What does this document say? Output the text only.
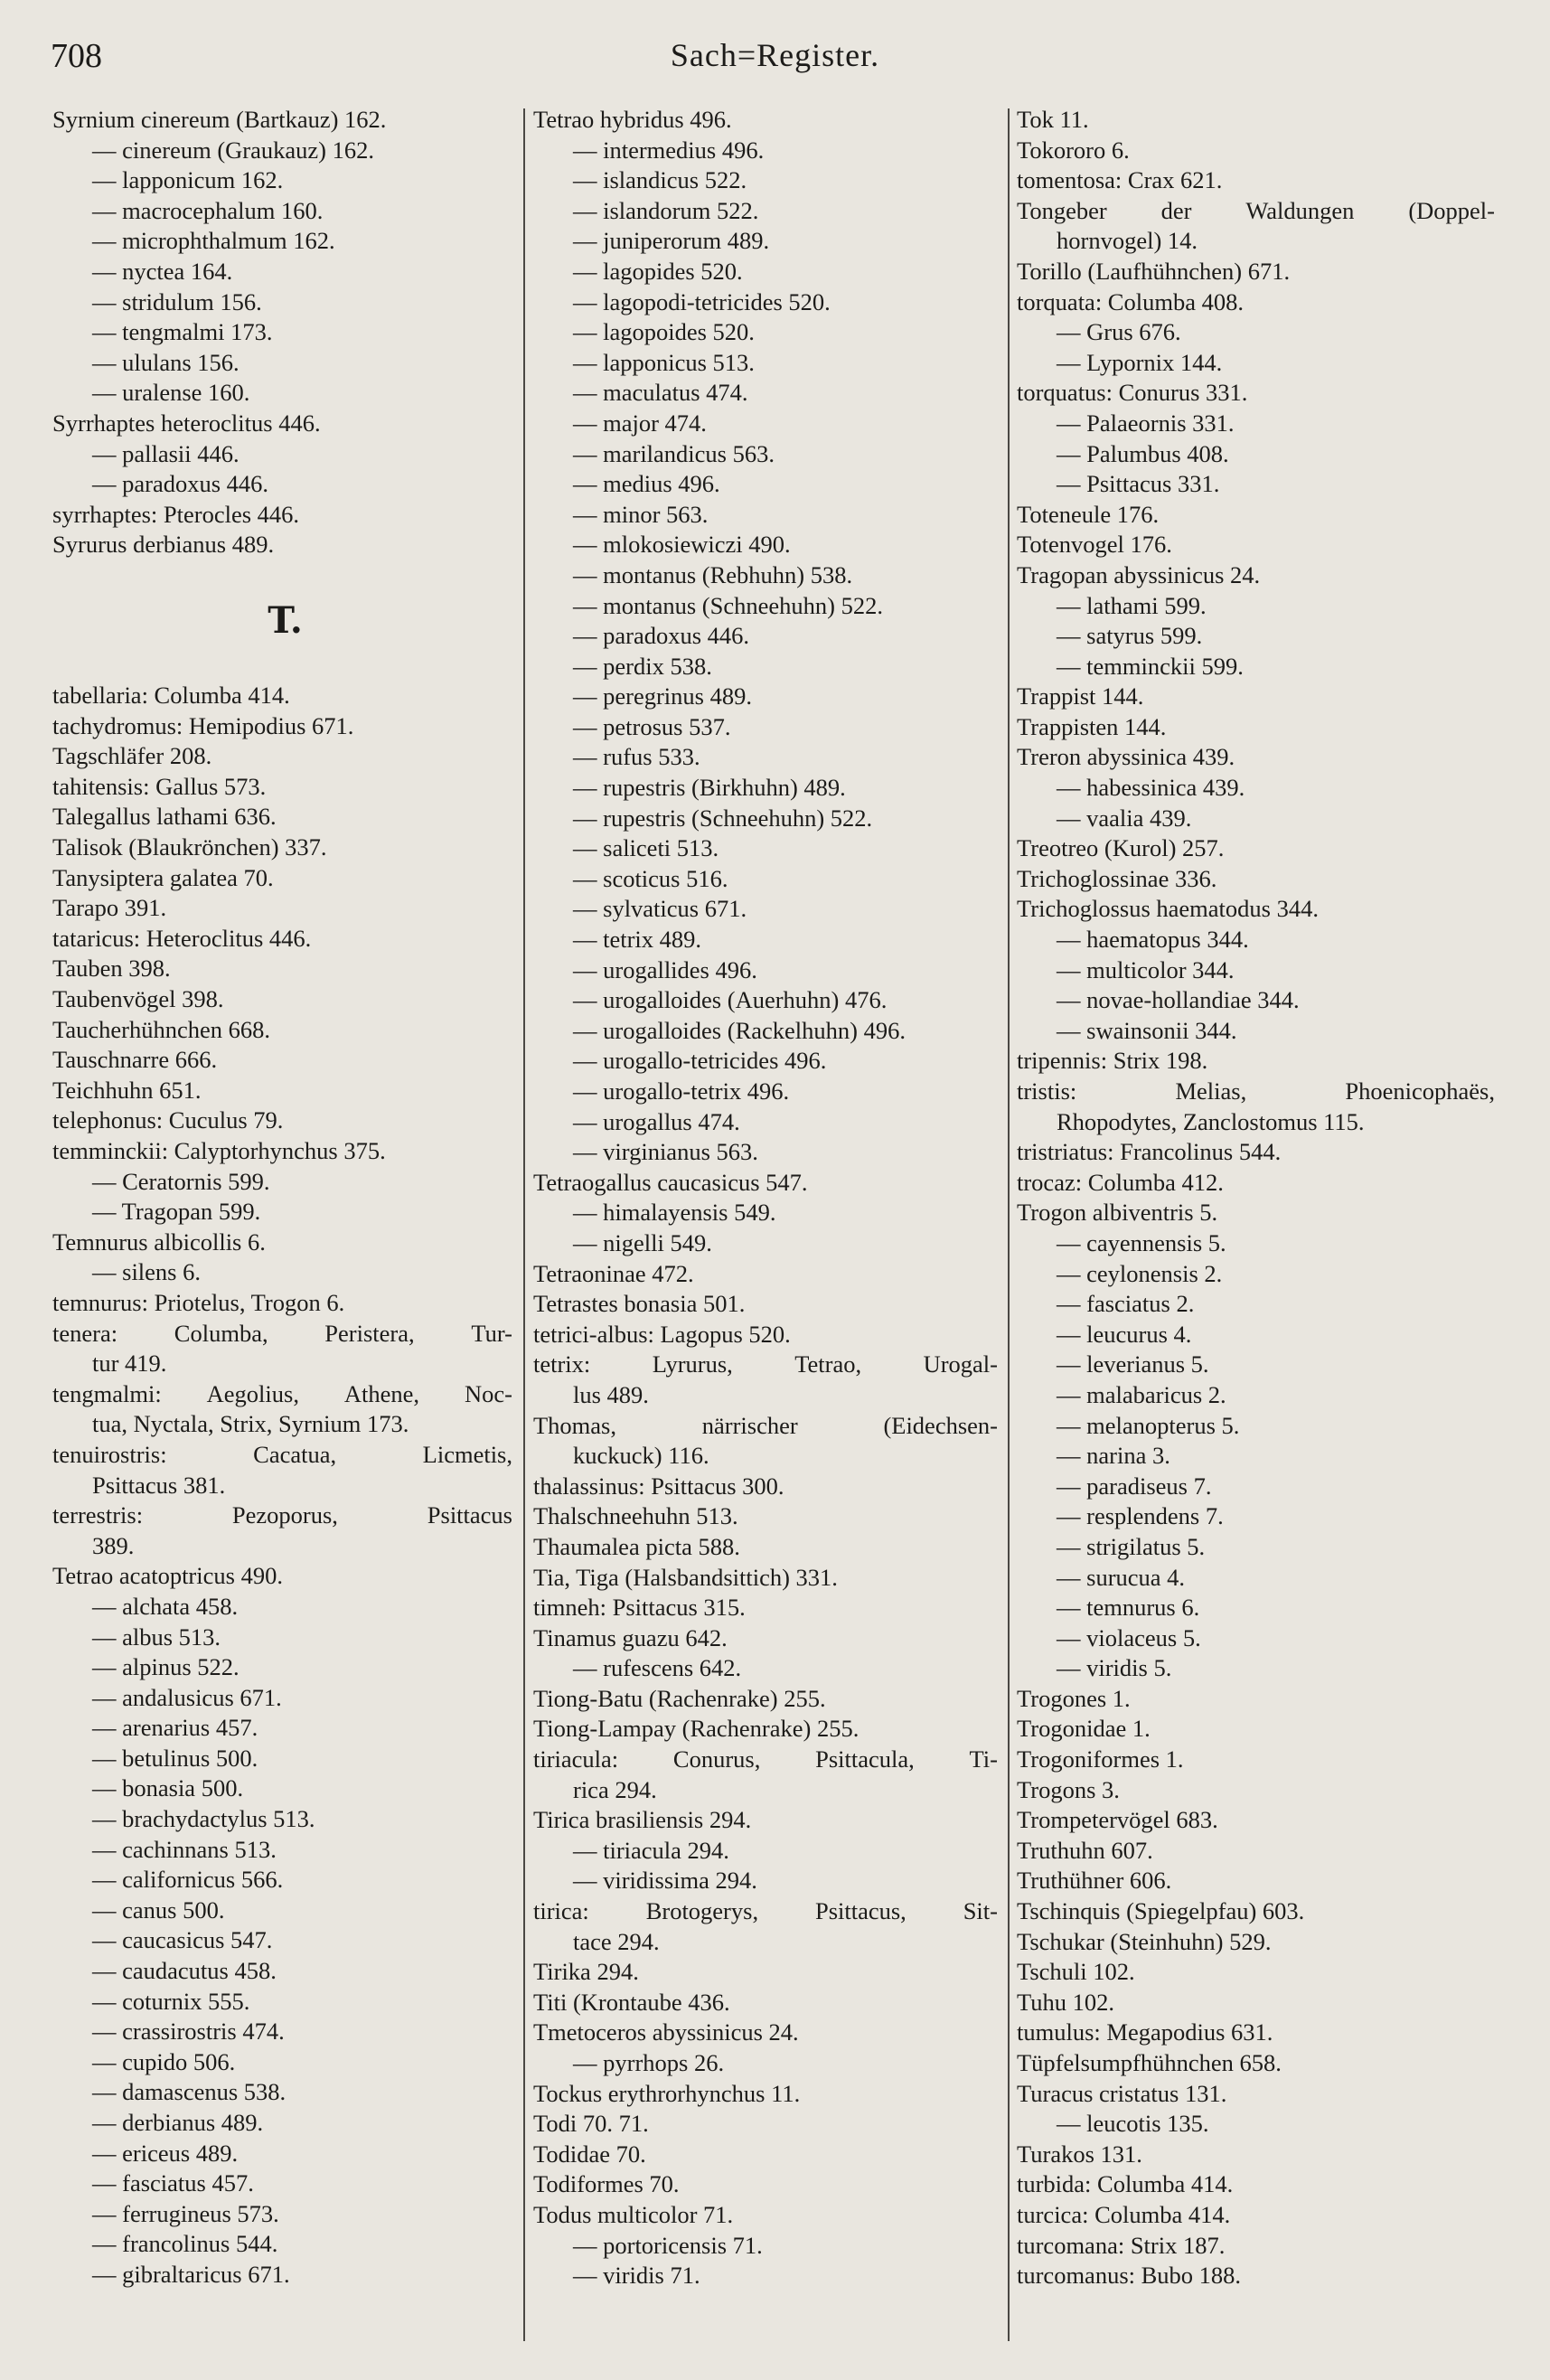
708	Sach=Register.
Syrnium cinereum (Bartkauz) 162.
— cinereum (Graukauz) 162.
— lapponicum 162.
— macrocephalum 160.
— microphthalmum 162.
— nyctea 164.
— stridulum 156.
— tengmalmi 173.
— ululans 156.
— uralense 160.
Syrrhaptes heteroclitus 446.
— pallasii 446.
— paradoxus 446.
syrrhaptes: Pterocles 446.
Syrurus derbianus 489.
T.
tabellaria: Columba 414.
tachydromus: Hemipodius 671.
Tagschläfer 208.
tahitensis: Gallus 573.
Talegallus lathami 636.
Talisok (Blaukrönchen) 337.
Tanysiptera galatea 70.
Tarapo 391.
tataricus: Heteroclitus 446.
Tauben 398.
Taubenvögel 398.
Taucherhühnchen 668.
Tauschnarre 666.
Teichhuhn 651.
telephonus: Cuculus 79.
temminckii: Calyptorhynchus 375.
— Ceratornis 599.
— Tragopan 599.
Temnurus albicollis 6.
— silens 6.
temnurus: Priotelus, Trogon 6.
tenera: Columba, Peristera, Tur-
tur 419.
tengmalmi: Aegolius, Athene, Noc-
tua, Nyctala, Strix, Syrnium 173.
tenuirostris:	Cacatua,	Licmetis,
Psittacus 381.
terrestris:	Pezoporus,	Psittacus
389.
Tetrao acatoptricus 490.
— alchata 458.
— albus 513.
— alpinus 522.
— andalusicus 671.
— arenarius 457.
— betulinus 500.
— bonasia 500.
— brachydactylus 513.
— cachinnans 513.
— californicus 566.
— canus 500.
— caucasicus 547.
— caudacutus 458.
— coturnix 555.
— crassirostris 474.
— cupido 506.
— damascenus 538.
— derbianus 489.
— ericeus 489.
— fasciatus 457.
— ferrugineus 573.
— francolinus 544.
— gibraltaricus 671.
Tetrao hybridus 496.
— intermedius 496.
— islandicus 522.
— islandorum 522.
— juniperorum 489.
— lagopides 520.
— lagopodi-tetricides 520.
— lagopoides 520.
— lapponicus 513.
— maculatus 474.
— major 474.
— marilandicus 563.
— medius 496.
— minor 563.
— mlokosiewiczi 490.
— montanus (Rebhuhn) 538.
— montanus (Schneehuhn) 522.
— paradoxus 446.
— perdix 538.
— peregrinus 489.
— petrosus 537.
— rufus 533.
— rupestris (Birkhuhn) 489.
— rupestris (Schneehuhn) 522.
— saliceti 513.
— scoticus 516.
— sylvaticus 671.
— tetrix 489.
— urogallides 496.
— urogalloides (Auerhuhn) 476.
— urogalloides (Rackelhuhn) 496.
— urogallo-tetricides 496.
— urogallo-tetrix 496.
— urogallus 474.
— virginianus 563.
Tetraogallus caucasicus 547.
— himalayensis 549.
— nigelli 549.
Tetraoninae 472.
Tetrastes bonasia 501.
tetrici-albus: Lagopus 520.
tetrix:	Lyrurus,	Tetrao,	Urogal-
lus 489.
Thomas,	närrischer	(Eidechsen-
kuckuck) 116.
thalassinus: Psittacus 300.
Thalschneehuhn 513.
Thaumalea picta 588.
Tia, Tiga (Halsbandsittich) 331.
timneh: Psittacus 315.
Tinamus guazu 642.
— rufescens 642.
Tiong-Batu (Rachenrake) 255.
Tiong-Lampay (Rachenrake) 255.
tiriacula: Conurus, Psittacula, Ti-
rica 294.
Tirica brasiliensis 294.
— tiriacula 294.
— viridissima 294.
tirica: Brotogerys, Psittacus, Sit-
tace 294.
Tirika 294.
Titi (Krontaube 436.
Tmetoceros abyssinicus 24.
— pyrrhops 26.
Tockus erythrorhynchus 11.
Todi 70. 71.
Todidae 70.
Todiformes 70.
Todus multicolor 71.
— portoricensis 71.
— viridis 71.
Tok 11.
Tokororo 6.
tomentosa: Crax 621.
Tongeber der Waldungen (Doppel-
hornvogel) 14.
Torillo (Laufhühnchen) 671.
torquata: Columba 408.
— Grus 676.
— Lypornix 144.
torquatus: Conurus 331.
— Palaeornis 331.
— Palumbus 408.
— Psittacus 331.
Toteneule 176.
Totenvogel 176.
Tragopan abyssinicus 24.
— lathami 599.
— satyrus 599.
— temminckii 599.
Trappist 144.
Trappisten 144.
Treron abyssinica 439.
— habessinica 439.
— vaalia 439.
Treotreo (Kurol) 257.
Trichoglossinae 336.
Trichoglossus haematodus 344.
— haematopus 344.
— multicolor 344.
— novae-hollandiae 344.
— swainsonii 344.
tripennis: Strix 198.
tristis:	Melias,	Phoenicophaës,
Rhopodytes, Zanclostomus 115.
tristriatus: Francolinus 544.
trocaz: Columba 412.
Trogon albiventris 5.
— cayennensis 5.
— ceylonensis 2.
— fasciatus 2.
— leucurus 4.
— leverianus 5.
— malabaricus 2.
— melanopterus 5.
— narina 3.
— paradiseus 7.
— resplendens 7.
— strigilatus 5.
— surucua 4.
— temnurus 6.
— violaceus 5.
— viridis 5.
Trogones 1.
Trogonidae 1.
Trogoniformes 1.
Trogons 3.
Trompetervögel 683.
Truthuhn 607.
Truthühner 606.
Tschinquis (Spiegelpfau) 603.
Tschukar (Steinhuhn) 529.
Tschuli 102.
Tuhu 102.
tumulus: Megapodius 631.
Tüpfelsumpfhühnchen 658.
Turacus cristatus 131.
— leucotis 135.
Turakos 131.
turbida: Columba 414.
turcica: Columba 414.
turcomana: Strix 187.
turcomanus: Bubo 188.
